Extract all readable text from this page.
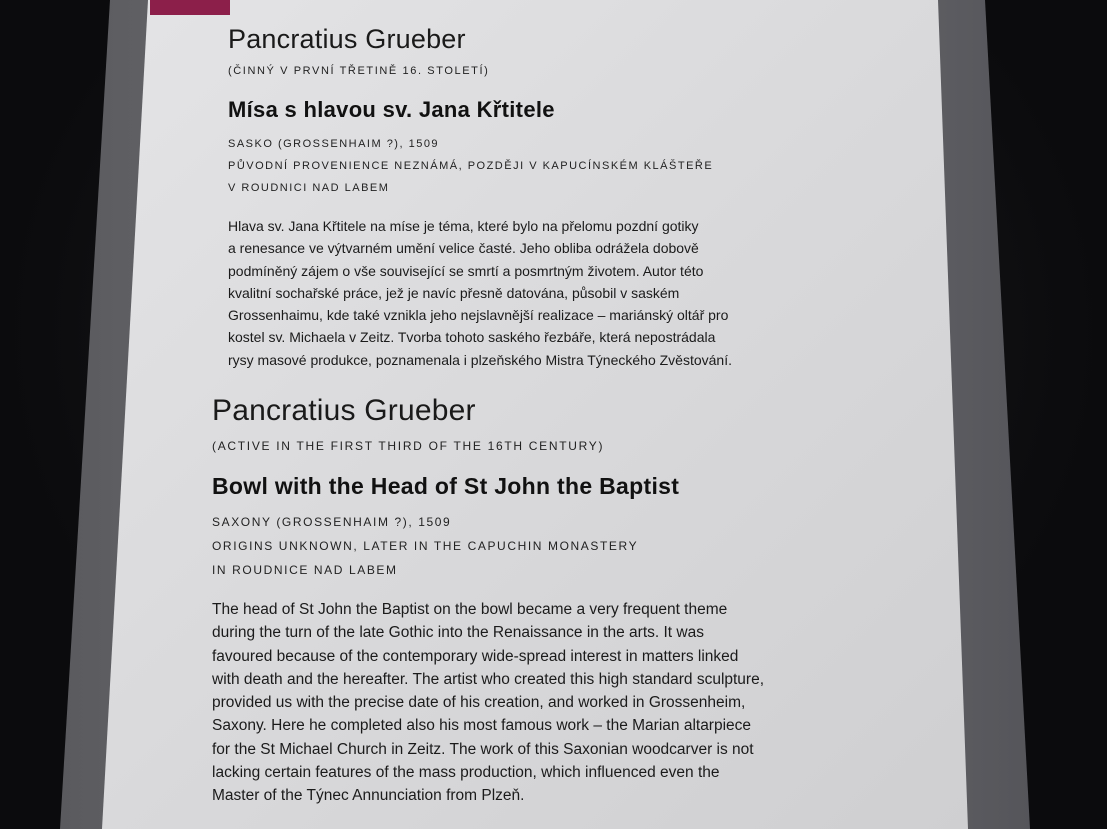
Pancratius Grueber

(ČINNÝ V PRVNÍ TŘETINĚ 16. STOLETÍ)

Mísa s hlavou sv. Jana Křtitele

SASKO (GROSSENHAIM ?), 1509

PŮVODNÍ PROVENIENCE NEZNÁMÁ, POZDĚJI V KAPUCÍNSKÉM KLÁŠTEŘE

V ROUDNICI NAD LABEM

Hlava sv. Jana Křtitele na míse je téma, které bylo na přelomu pozdní gotiky
a renesance ve výtvarném umění velice časté. Jeho obliba odrážela dobově
podmíněný zájem o vše související se smrtí a posmrtným životem. Autor této
kvalitní sochařské práce, jež je navíc přesně datována, působil v saském
Grossenhaimu, kde také vznikla jeho nejslavnější realizace – mariánský oltář pro
kostel sv. Michaela v Zeitz. Tvorba tohoto saského řezbáře, která nepostrádala
rysy masové produkce, poznamenala i plzeňského Mistra Týneckého Zvěstování.

Pancratius Grueber

(ACTIVE IN THE FIRST THIRD OF THE 16TH CENTURY)

Bowl with the Head of St John the Baptist

SAXONY (GROSSENHAIM ?), 1509

ORIGINS UNKNOWN, LATER IN THE CAPUCHIN MONASTERY

IN ROUDNICE NAD LABEM

The head of St John the Baptist on the bowl became a very frequent theme
during the turn of the late Gothic into the Renaissance in the arts. It was
favoured because of the contemporary wide-spread interest in matters linked
with death and the hereafter. The artist who created this high standard sculpture,
provided us with the precise date of his creation, and worked in Grossenheim,
Saxony. Here he completed also his most famous work – the Marian altarpiece
for the St Michael Church in Zeitz. The work of this Saxonian woodcarver is not
lacking certain features of the mass production, which influenced even the
Master of the Týnec Annunciation from Plzeň.
